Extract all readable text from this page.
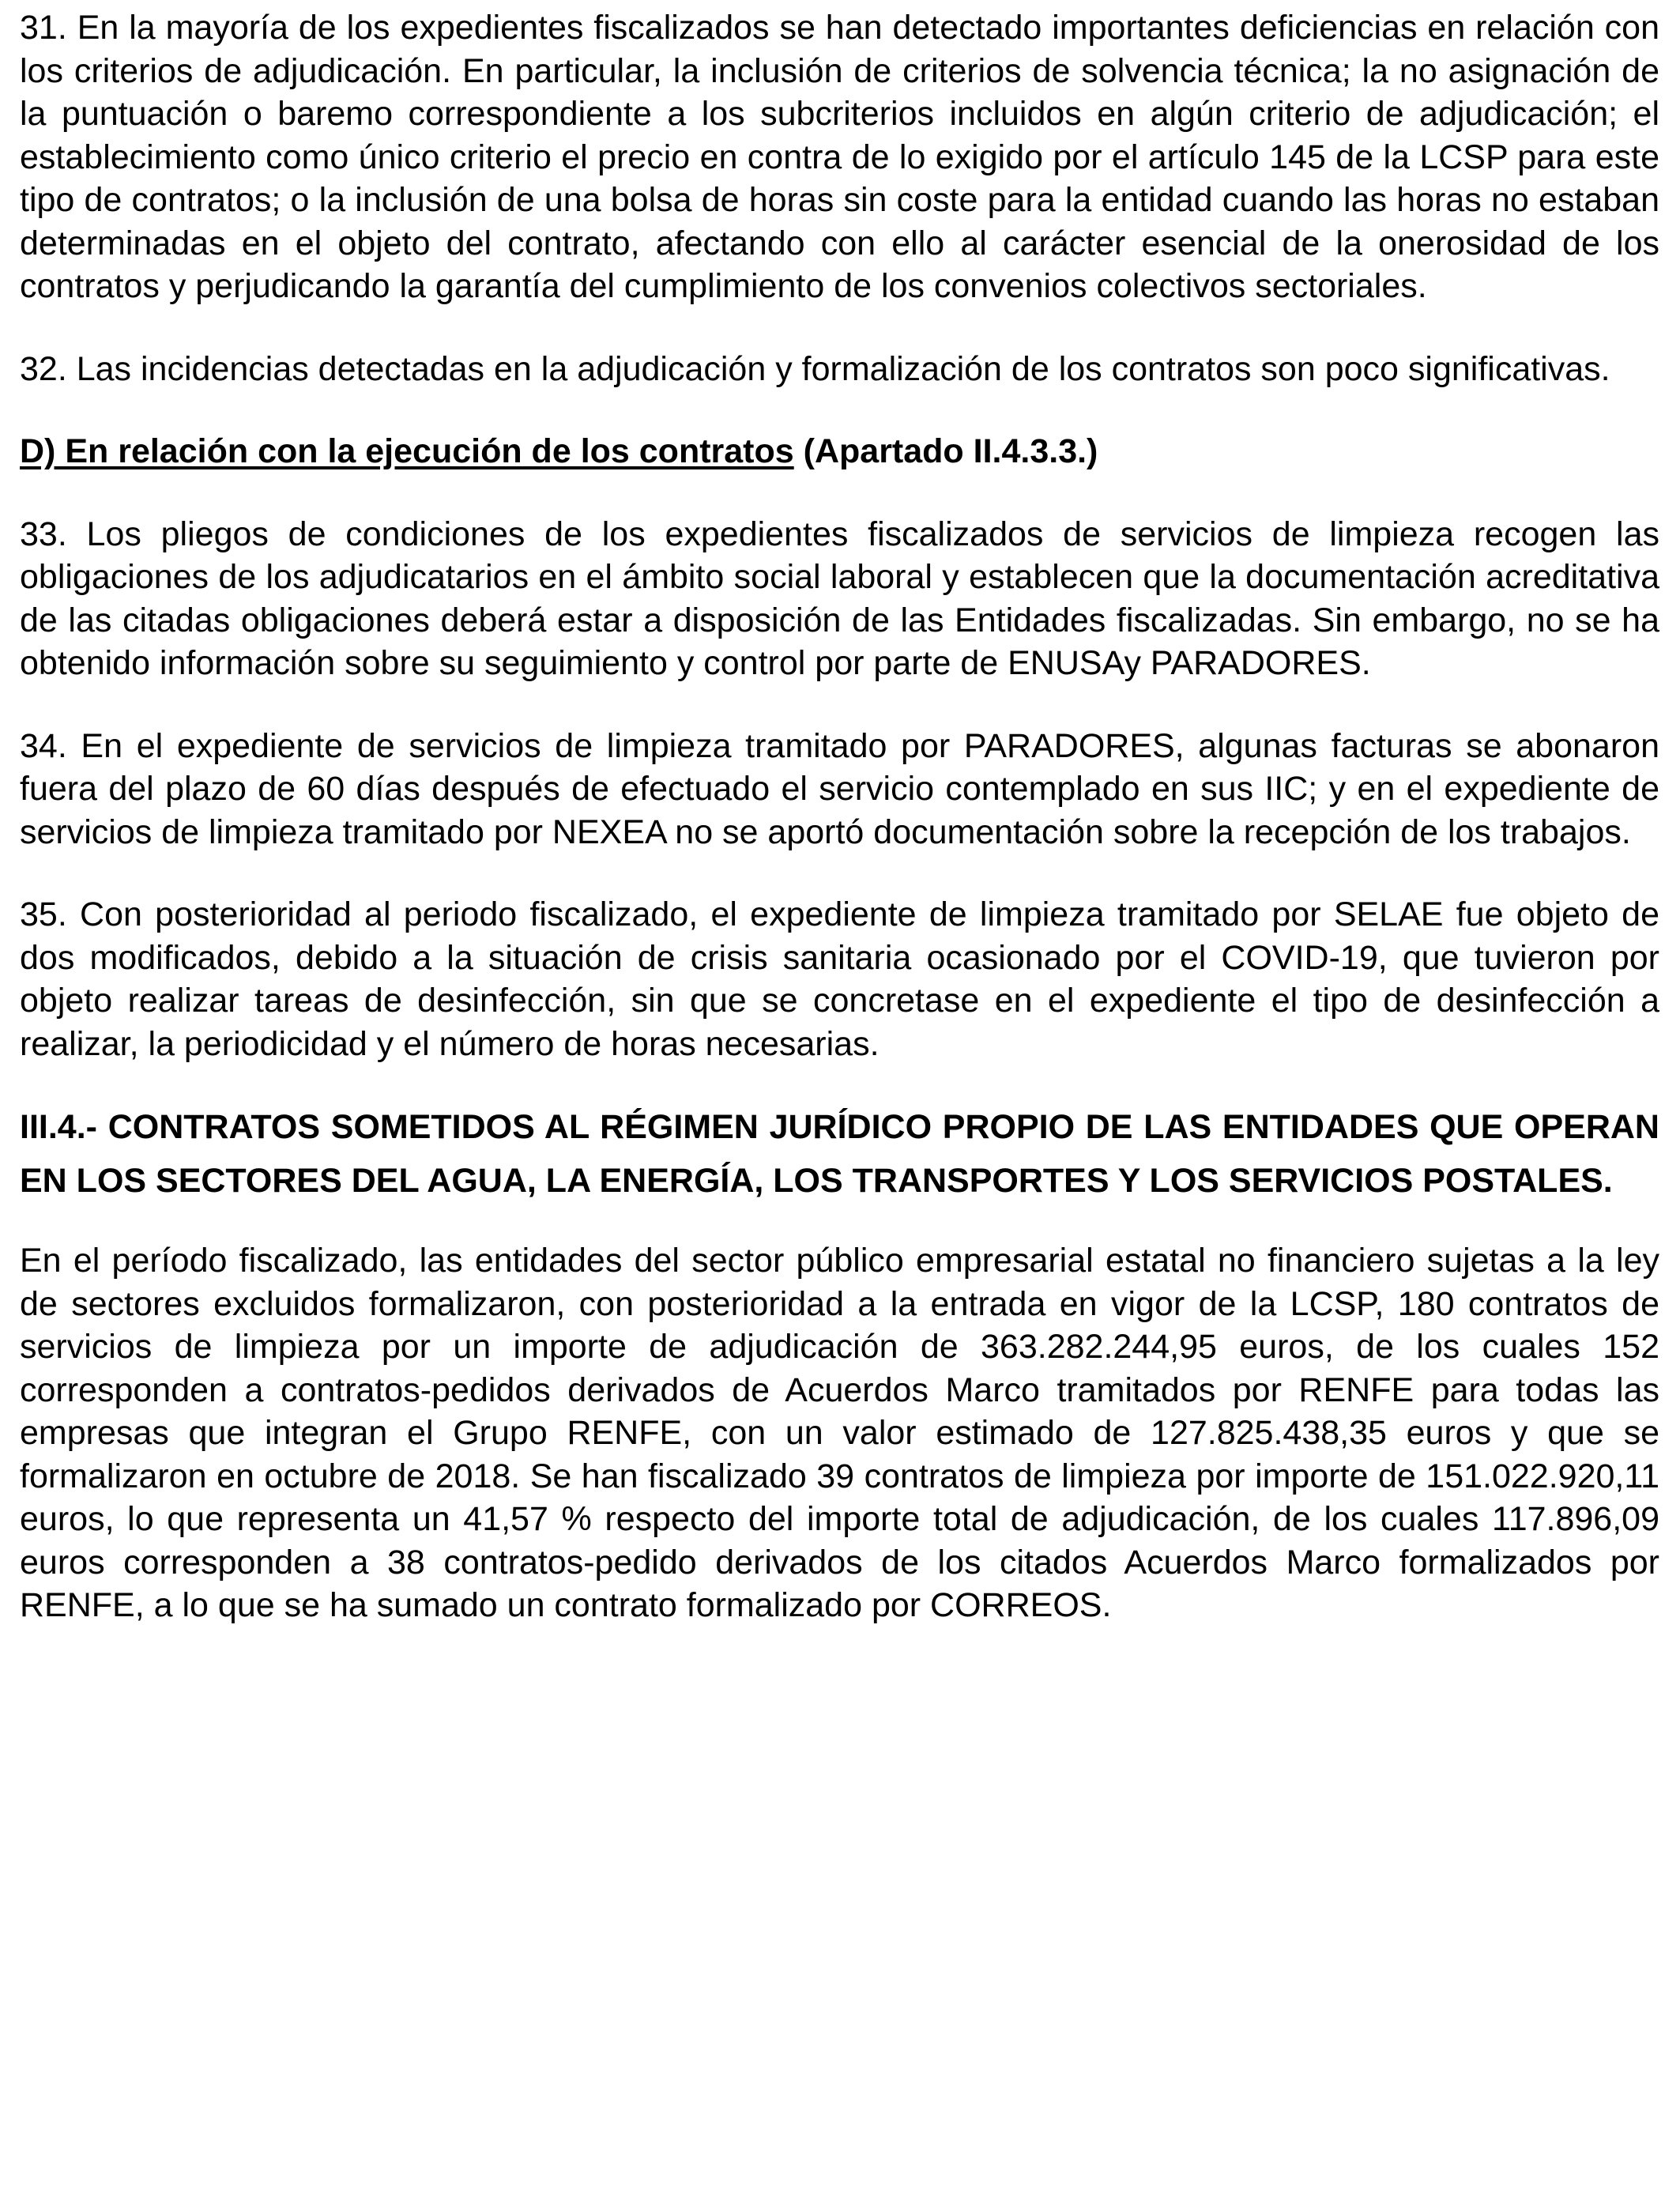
31. En la mayoría de los expedientes fiscalizados se han detectado importantes deficiencias en relación con los criterios de adjudicación. En particular, la inclusión de criterios de solvencia técnica; la no asignación de la puntuación o baremo correspondiente a los subcriterios incluidos en algún criterio de adjudicación; el establecimiento como único criterio el precio en contra de lo exigido por el artículo 145 de la LCSP para este tipo de contratos; o la inclusión de una bolsa de horas sin coste para la entidad cuando las horas no estaban determinadas en el objeto del contrato, afectando con ello al carácter esencial de la onerosidad de los contratos y perjudicando la garantía del cumplimiento de los convenios colectivos sectoriales.

32. Las incidencias detectadas en la adjudicación y formalización de los contratos son poco significativas.

D) En relación con la ejecución de los contratos (Apartado II.4.3.3.)

33. Los pliegos de condiciones de los expedientes fiscalizados de servicios de limpieza recogen las obligaciones de los adjudicatarios en el ámbito social laboral y establecen que la documentación acreditativa de las citadas obligaciones deberá estar a disposición de las Entidades fiscalizadas. Sin embargo, no se ha obtenido información sobre su seguimiento y control por parte de ENUSAy PARADORES.

34. En el expediente de servicios de limpieza tramitado por PARADORES, algunas facturas se abonaron fuera del plazo de 60 días después de efectuado el servicio contemplado en sus IIC; y en el expediente de servicios de limpieza tramitado por NEXEA no se aportó documentación sobre la recepción de los trabajos.

35. Con posterioridad al periodo fiscalizado, el expediente de limpieza tramitado por SELAE fue objeto de dos modificados, debido a la situación de crisis sanitaria ocasionado por el COVID-19, que tuvieron por objeto realizar tareas de desinfección, sin que se concretase en el expediente el tipo de desinfección a realizar, la periodicidad y el número de horas necesarias.

III.4.- CONTRATOS SOMETIDOS AL RÉGIMEN JURÍDICO PROPIO DE LAS ENTIDADES QUE OPERAN EN LOS SECTORES DEL AGUA, LA ENERGÍA, LOS TRANSPORTES Y LOS SERVICIOS POSTALES.

En el período fiscalizado, las entidades del sector público empresarial estatal no financiero sujetas a la ley de sectores excluidos formalizaron, con posterioridad a la entrada en vigor de la LCSP, 180 contratos de servicios de limpieza por un importe de adjudicación de 363.282.244,95 euros, de los cuales 152 corresponden a contratos-pedidos derivados de Acuerdos Marco tramitados por RENFE para todas las empresas que integran el Grupo RENFE, con un valor estimado de 127.825.438,35 euros y que se formalizaron en octubre de 2018. Se han fiscalizado 39 contratos de limpieza por importe de 151.022.920,11 euros, lo que representa un 41,57 % respecto del importe total de adjudicación, de los cuales 117.896,09 euros corresponden a 38 contratos-pedido derivados de los citados Acuerdos Marco formalizados por RENFE, a lo que se ha sumado un contrato formalizado por CORREOS.
